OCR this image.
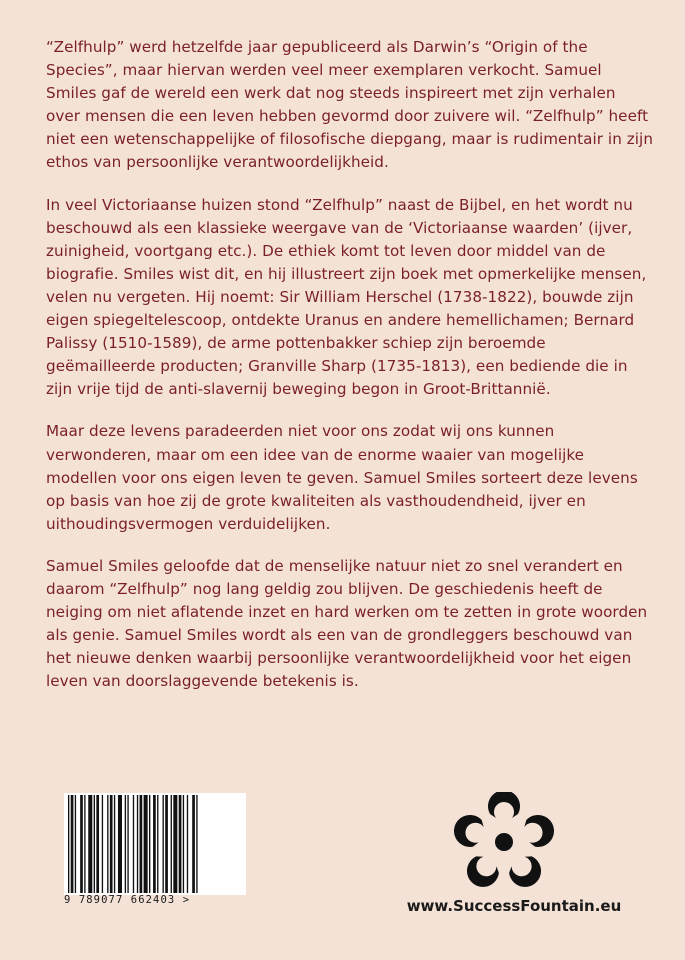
“Zelfhulp” werd hetzelfde jaar gepubliceerd als Darwin’s “Origin of the Species”, maar hiervan werden veel meer exemplaren verkocht. Samuel Smiles gaf de wereld een werk dat nog steeds inspireert met zijn verhalen over mensen die een leven hebben gevormd door zuivere wil. “Zelfhulp” heeft niet een wetenschappelijke of filosofische diepgang, maar is rudimentair in zijn ethos van persoonlijke verantwoordelijkheid.

In veel Victoriaanse huizen stond “Zelfhulp” naast de Bijbel, en het wordt nu beschouwd als een klassieke weergave van de ‘Victoriaanse waarden’ (ijver, zuinigheid, voortgang etc.). De ethiek komt tot leven door middel van de biografie. Smiles wist dit, en hij illustreert zijn boek met opmerkelijke mensen, velen nu vergeten. Hij noemt: Sir William Herschel (1738-1822), bouwde zijn eigen spiegeltelescoop, ontdekte Uranus en andere hemellichamen; Bernard Palissy (1510-1589), de arme pottenbakker schiep zijn beroemde geëmailleerde producten; Granville Sharp (1735-1813), een bediende die in zijn vrije tijd de anti-slavernij beweging begon in Groot-Brittannië.

Maar deze levens paradeerden niet voor ons zodat wij ons kunnen verwonderen, maar om een idee van de enorme waaier van mogelijke modellen voor ons eigen leven te geven. Samuel Smiles sorteert deze levens op basis van hoe zij de grote kwaliteiten als vasthoudendheid, ijver en uithoudingsvermogen verduidelijken.

Samuel Smiles geloofde dat de menselijke natuur niet zo snel verandert en daarom “Zelfhulp” nog lang geldig zou blijven. De geschiedenis heeft de neiging om niet aflatende inzet en hard werken om te zetten in grote woorden als genie. Samuel Smiles wordt als een van de grondleggers beschouwd van het nieuwe denken waarbij persoonlijke verantwoordelijkheid voor het eigen leven van doorslaggevende betekenis is.

9 789077 662403 >	www.SuccessFountain.eu
